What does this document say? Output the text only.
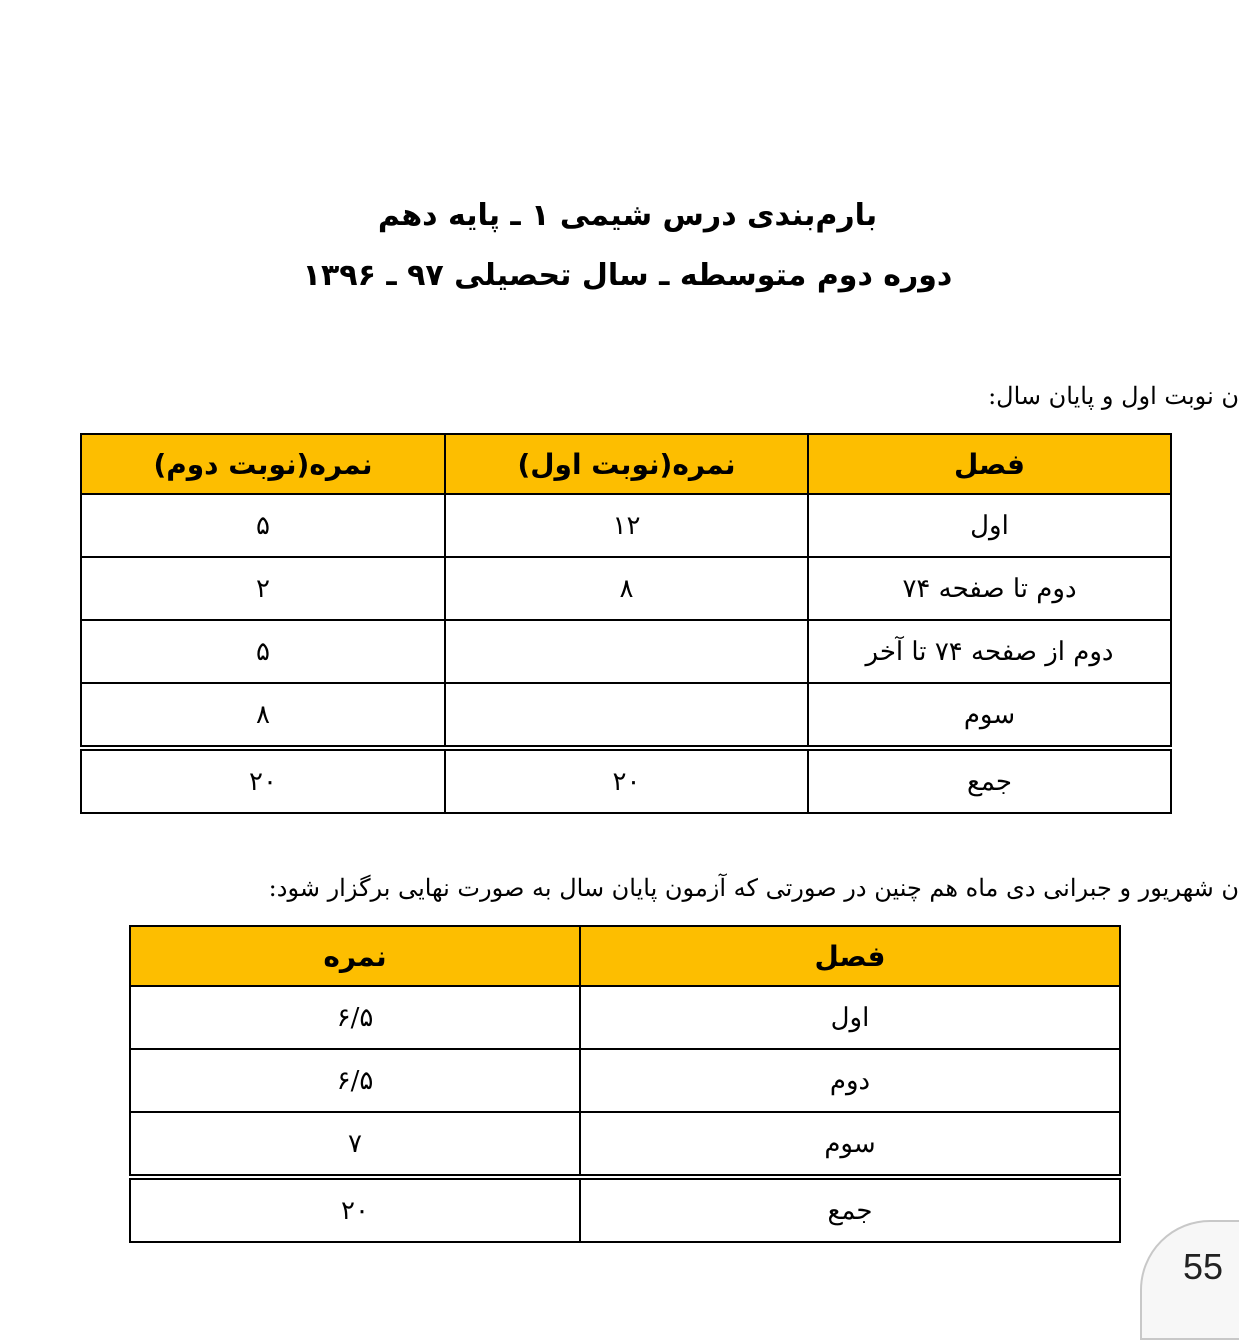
بارم‌بندی درس شیمی ۱ ـ پایه دهم
دوره دوم متوسطه ـ سال تحصیلی ۹۷ ـ ۱۳۹۶
ن نوبت اول و پایان سال:
فصل	نمره(نوبت اول)	نمره(نوبت دوم)
اول	۱۲	۵
دوم تا صفحه ۷۴	۸	۲
دوم از صفحه ۷۴ تا آخر		۵
سوم		۸
جمع	۲۰	۲۰
ن شهریور و جبرانی دی ماه هم چنین در صورتی که آزمون پایان سال به صورت نهایی برگزار شود:
فصل	نمره
اول	۶/۵
دوم	۶/۵
سوم	۷
جمع	۲۰
55
